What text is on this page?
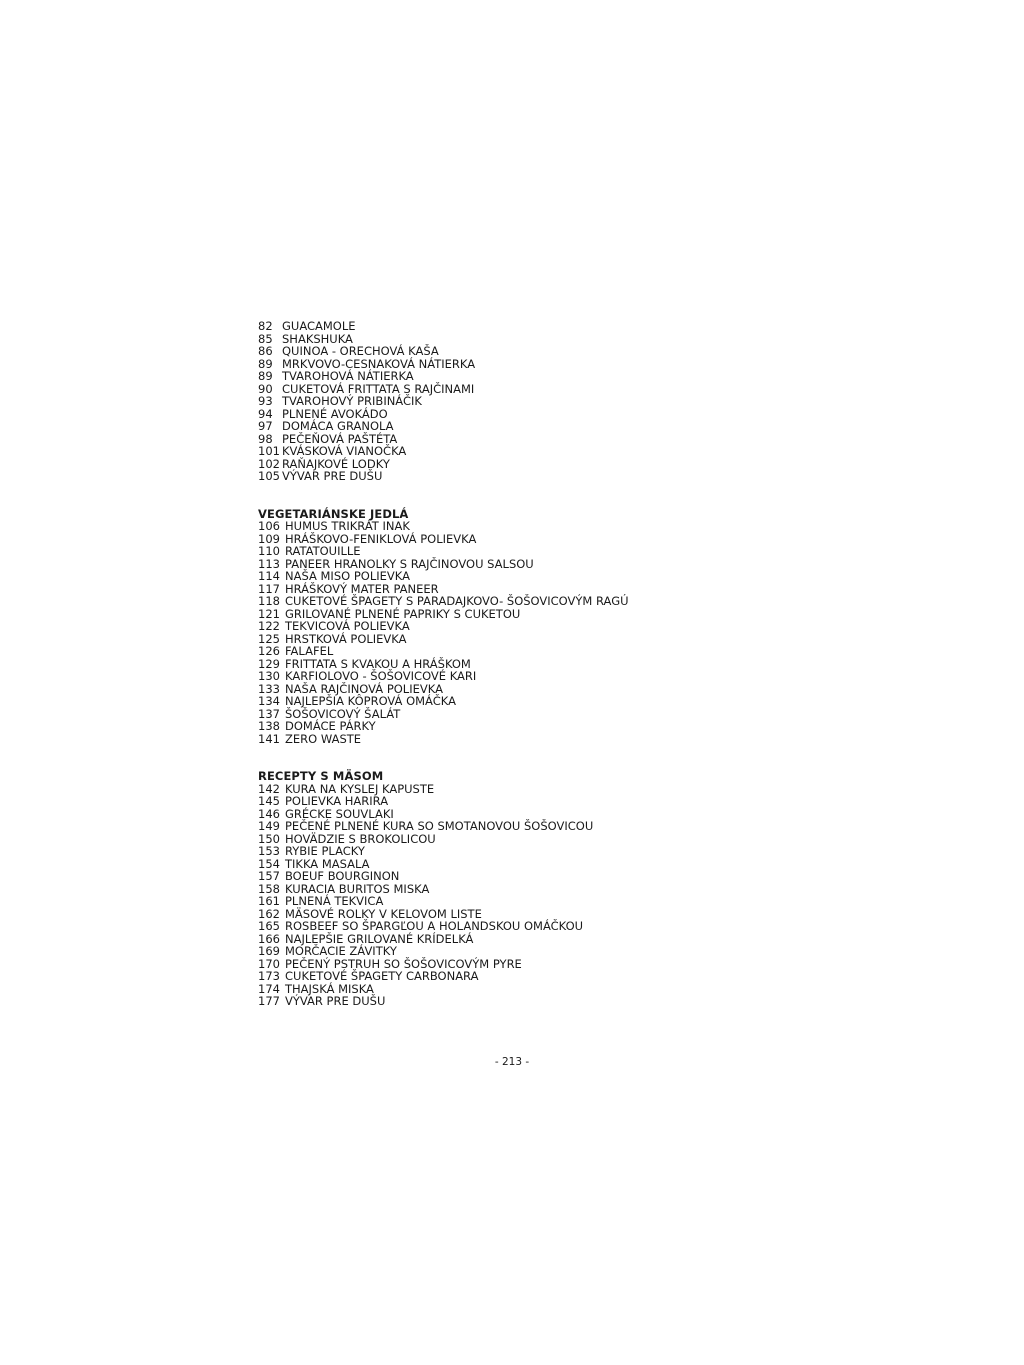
82 GUACAMOLE
85 SHAKSHUKA
86 QUINOA - ORECHOVÁ KAŠA
89 MRKVOVO-CESNAKOVÁ NÁTIERKA
89 TVAROHOVÁ NÁTIERKA
90 CUKETOVÁ FRITTATA S RAJČINAMI
93 TVAROHOVÝ PRIBINÁČIK
94 PLNENÉ AVOKÁDO
97 DOMÁCA GRANOLA
98 PEČEŇOVÁ PAŠTÉTA
101 KVÁSKOVÁ VIANOČKA
102 RAŇAJKOVÉ LODKY
105 VÝVAR PRE DUŠU
VEGETARIÁNSKE JEDLÁ
106 HUMUS TRIKRÁT INAK
109 HRÁŠKOVO-FENIKLOVÁ POLIEVKA
110 RATATOUILLE
113 PANEER HRANOLKY S RAJČINOVOU SALSOU
114 NAŠA MISO POLIEVKA
117 HRÁŠKOVÝ MATER PANEER
118 CUKETOVÉ ŠPAGETY S PARADAJKOVO- ŠOŠOVICOVÝM RAGÚ
121 GRILOVANÉ PLNENÉ PAPRIKY S CUKETOU
122 TEKVICOVÁ POLIEVKA
125 HRSTKOVÁ POLIEVKA
126 FALAFEL
129 FRITTATA S KVAKOU A HRÁŠKOM
130 KARFIOLOVO - ŠOŠOVICOVÉ KARI
133 NAŠA RAJČINOVÁ POLIEVKA
134 NAJLEPŠIA KÔPROVÁ OMÁČKA
137 ŠOŠOVICOVÝ ŠALÁT
138 DOMÁCE PÁRKY
141 ZERO WASTE
RECEPTY S MÄSOM
142 KURA NA KYSLEJ KAPUSTE
145 POLIEVKA HARIRA
146 GRÉCKE SOUVLAKI
149 PEČENÉ PLNENÉ KURA SO SMOTANOVOU ŠOŠOVICOU
150 HOVÄDZIE S BROKOLICOU
153 RYBIE PLACKY
154 TIKKA MASALA
157 BOEUF BOURGINON
158 KURACIA BURITOS MISKA
161 PLNENÁ TEKVICA
162 MÄSOVÉ ROLKY V KELOVOM LISTE
165 ROSBEEF SO ŠPARGĽOU A HOLANDSKOU OMÁČKOU
166 NAJLEPŠIE GRILOVANÉ KRÍDELKÁ
169 MORČACIE ZÁVITKY
170 PEČENÝ PSTRUH SO ŠOŠOVICOVÝM PYRE
173 CUKETOVÉ ŠPAGETY CARBONARA
174 THAJSKÁ MISKA
177 VÝVAR PRE DUŠU
- 213 -
